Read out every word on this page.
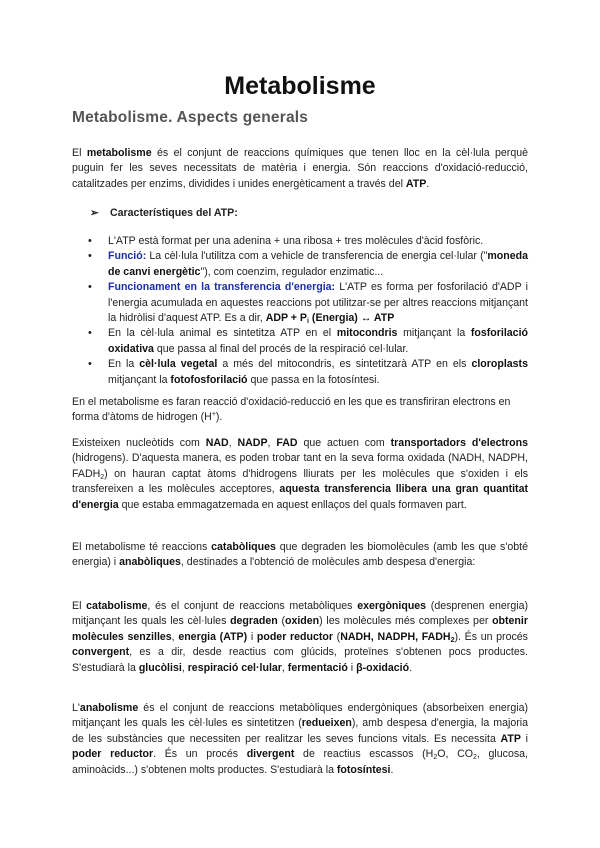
Metabolisme
Metabolisme. Aspects generals

El metabolisme és el conjunt de reaccions químiques que tenen lloc en la cèl·lula perquè puguin fer les seves necessitats de matèria i energia. Són reaccions d'oxidació-reducció, catalitzades per enzims, dividides i unides energèticament a través del ATP.

➢ Característiques del ATP:

• L'ATP està format per una adenina + una ribosa + tres molècules d'àcid fosfòric.
• Funció: La cèl·lula l'utilitza com a vehicle de transferencia de energia cel·lular ("moneda de canvi energètic"), com coenzim, regulador enzimatic...
• Funcionament en la transferencia d'energia: L'ATP es forma per fosforilació d'ADP i l'energia acumulada en aquestes reaccions pot utilitzar-se per altres reaccions mitjançant la hidròlisi d'aquest ATP. Es a dir, ADP + $P_i$ (Energia) ↔ ATP
• En la cèl·lula animal es sintetitza ATP en el mitocondris mitjançant la fosforilació oxidativa que passa al final del procés de la respiració cel·lular.
• En la cèl·lula vegetal a més del mitocondris, es sintetitzarà ATP en els cloroplasts mitjançant la fotofosforilació que passa en la fotosíntesi.

En el metabolisme es faran reacció d'oxidació-reducció en les que es transfiriran electrons en forma d'àtoms de hidrogen (H+).

Existeixen nucleòtids com NAD, NADP, FAD que actuen com transportadors d'electrons (hidrogens). D'aquesta manera, es poden trobar tant en la seva forma oxidada (NADH, NADPH, $FADH_2$) on hauran captat àtoms d'hidrogens lliurats per les molècules que s'oxiden i els transfereixen a les molècules acceptores, aquesta transferencia llibera una gran quantitat d'energia que estaba emmagatzemada en aquest enllaços del quals formaven part.

El metabolisme té reaccions catabòliques que degraden les biomolècules (amb les que s'obté energia) i anabòliques, destinades a l'obtenció de molècules amb despesa d'energia:

El catabolisme, és el conjunt de reaccions metabòliques exergòniques (desprenen energia) mitjançant les quals les cèl·lules degraden (oxiden) les molècules més complexes per obtenir molècules senzilles, energia (ATP) i poder reductor (NADH, NADPH, $FADH_2$). És un procés convergent, es a dir, desde reactius com glúcids, proteïnes s'obtenen pocs productes. S'estudiarà la glucòlisi, respiració cel·lular, fermentació i β-oxidació.

L'anabolisme és el conjunt de reaccions metabòliques endergòniques (absorbeixen energia) mitjançant les quals les cèl·lules es sintetitzen (redueixen), amb despesa d'energia, la majoria de les substàncies que necessiten per realitzar les seves funcions vitals. Es necessita ATP i poder reductor. És un procés divergent de reactius escassos ($H_2O$, $CO_2$, glucosa, aminoàcids...) s'obtenen molts productes. S'estudiarà la fotosíntesi.
